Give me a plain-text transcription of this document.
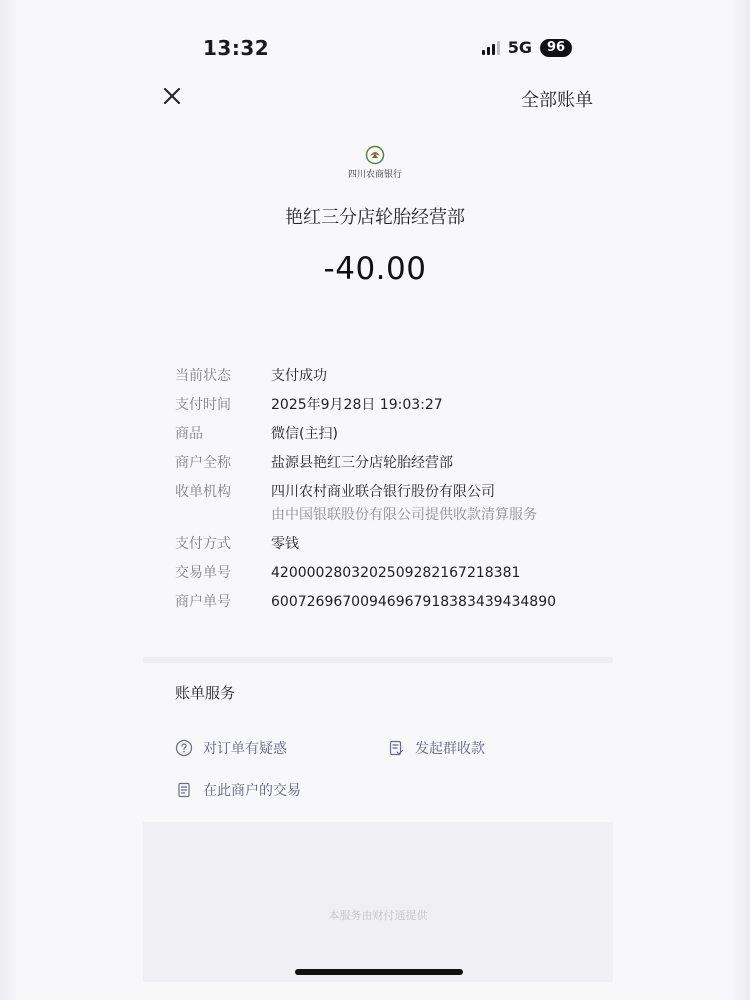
13:32	5G	96
全部账单
四川农商银行
艳红三分店轮胎经营部
-40.00
当前状态	支付成功
支付时间	2025年9月28日 19:03:27
商品	微信(主扫)
商户全称	盐源县艳红三分店轮胎经营部
收单机构	四川农村商业联合银行股份有限公司
由中国银联股份有限公司提供收款清算服务
支付方式	零钱
交易单号	4200002803202509282167218381
商户单号	600726967009469679183834394348​90
账单服务
对订单有疑惑	发起群收款
在此商户的交易
本服务由财付通提供
